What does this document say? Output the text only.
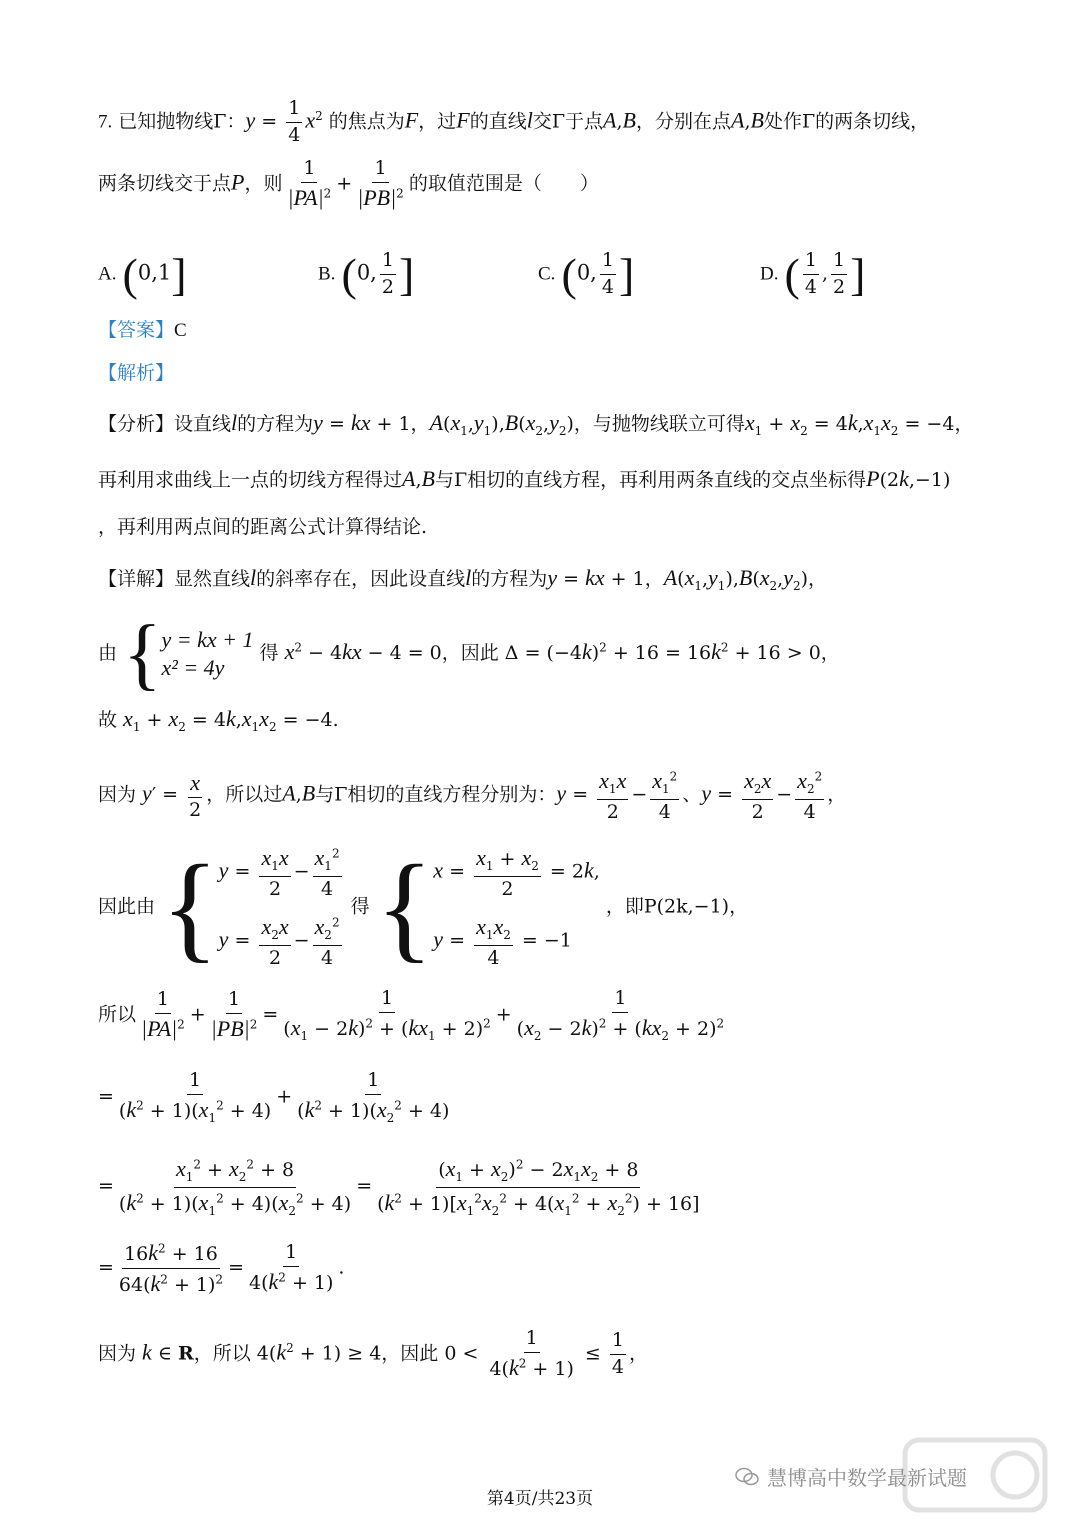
7. 已知抛物线Γ：$y = \frac{1}{4} x^2$ 的焦点为F，过F的直线l交Γ于点A,B，分别在点A,B处作Γ的两条切线，
两条切线交于点P，则 $\frac{1}{|PA|^2} + \frac{1}{|PB|^2}$ 的取值范围是（　　）
A. (0,1]	B. (0, $\frac{1}{2}$ ]	C. (0, $\frac{1}{4}$ ]	D. ( $\frac{1}{4}$ , $\frac{1}{2}$ ]
【答案】C
【解析】
【分析】设直线l的方程为y = kx + 1，$A(x_1,y_1),B(x_2,y_2)$，与抛物线联立可得$x_1 + x_2 = 4k,x_1x_2 = -4$，
再利用求曲线上一点的切线方程得过A,B与Γ相切的直线方程，再利用两条直线的交点坐标得P(2k,−1)
，再利用两点间的距离公式计算得结论.
【详解】显然直线l的斜率存在，因此设直线l的方程为y = kx + 1，$A(x_1,y_1),B(x_2,y_2)$，
由 { y = kx + 1
x² = 4y
得 $x^2 - 4kx - 4 = 0$，因此 $\Delta = (-4k)^2 + 16 = 16k^2 + 16 > 0$，
故 $x_1 + x_2 = 4k,x_1x_2 = -4$.
因为 $y' = \frac{x}{2}$ ，所以过A,B与Γ相切的直线方程分别为：$y = \frac{x_1x}{2} - \frac{x_1^2}{4}$ 、$y = \frac{x_2x}{2} - \frac{x_2^2}{4}$ ，
因此由 { $y = \frac{x_1x}{2} - \frac{x_1^2}{4}$
$y = \frac{x_2x}{2} - \frac{x_2^2}{4}$
得 { $x = \frac{x_1 + x_2}{2} = 2k$,
$y = \frac{x_1x_2}{4} = -1$
，即P(2k,−1)，
所以 $\frac{1}{|PA|^2} + \frac{1}{|PB|^2} = \frac{1}{(x_1 - 2k)^2 + (kx_1 + 2)^2} + \frac{1}{(x_2 - 2k)^2 + (kx_2 + 2)^2}$
= $\frac{1}{(k^2 + 1)(x_1^2 + 4)} + \frac{1}{(k^2 + 1)(x_2^2 + 4)}$
= $\frac{x_1^2 + x_2^2 + 8}{(k^2 + 1)(x_1^2 + 4)(x_2^2 + 4)} = \frac{(x_1 + x_2)^2 - 2x_1x_2 + 8}{(k^2 + 1)[x_1^2x_2^2 + 4(x_1^2 + x_2^2) + 16]}$
= $\frac{16k^2 + 16}{64(k^2 + 1)^2} = \frac{1}{4(k^2 + 1)}$ .
因为 k ∈ R，所以 $4(k^2 + 1) \ge 4$，因此 $0 < \frac{1}{4(k^2 + 1)} \le \frac{1}{4}$ ，
慧博高中数学最新试题
第4页/共23页
